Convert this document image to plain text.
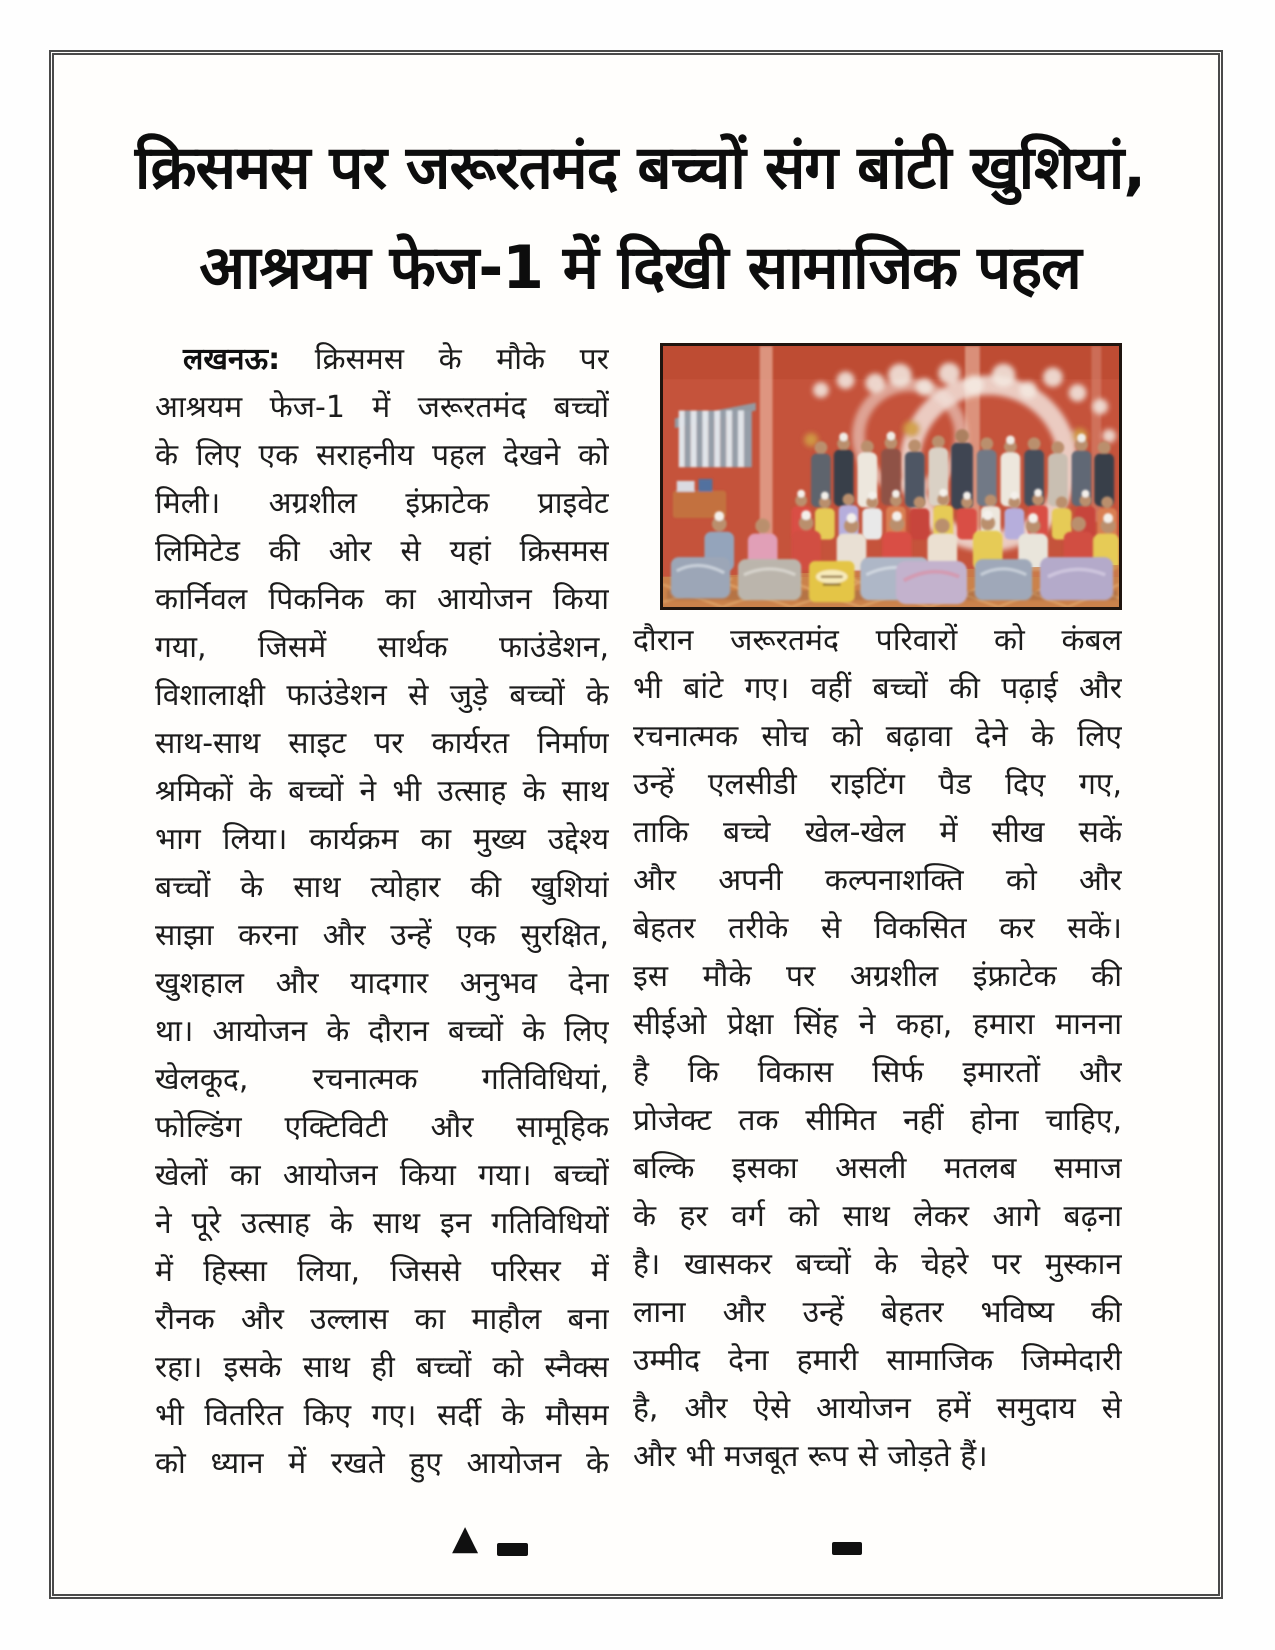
क्रिसमस पर जरूरतमंद बच्चों संग बांटी खुशियां,
आश्रयम फेज-1 में दिखी सामाजिक पहल
लखनऊ: क्रिसमस के मौके पर
आश्रयम फेज-1 में जरूरतमंद बच्चों
के लिए एक सराहनीय पहल देखने को
मिली। अग्रशील इंफ्राटेक प्राइवेट
लिमिटेड की ओर से यहां क्रिसमस
कार्निवल पिकनिक का आयोजन किया
गया, जिसमें सार्थक फाउंडेशन,
विशालाक्षी फाउंडेशन से जुड़े बच्चों के
साथ-साथ साइट पर कार्यरत निर्माण
श्रमिकों के बच्चों ने भी उत्साह के साथ
भाग लिया। कार्यक्रम का मुख्य उद्देश्य
बच्चों के साथ त्योहार की खुशियां
साझा करना और उन्हें एक सुरक्षित,
खुशहाल और यादगार अनुभव देना
था। आयोजन के दौरान बच्चों के लिए
खेलकूद, रचनात्मक गतिविधियां,
फोल्डिंग एक्टिविटी और सामूहिक
खेलों का आयोजन किया गया। बच्चों
ने पूरे उत्साह के साथ इन गतिविधियों
में हिस्सा लिया, जिससे परिसर में
रौनक और उल्लास का माहौल बना
रहा। इसके साथ ही बच्चों को स्नैक्स
भी वितरित किए गए। सर्दी के मौसम
को ध्यान में रखते हुए आयोजन के
दौरान जरूरतमंद परिवारों को कंबल
भी बांटे गए। वहीं बच्चों की पढ़ाई और
रचनात्मक सोच को बढ़ावा देने के लिए
उन्हें एलसीडी राइटिंग पैड दिए गए,
ताकि बच्चे खेल-खेल में सीख सकें
और अपनी कल्पनाशक्ति को और
बेहतर तरीके से विकसित कर सकें।
इस मौके पर अग्रशील इंफ्राटेक की
सीईओ प्रेक्षा सिंह ने कहा, हमारा मानना
है कि विकास सिर्फ इमारतों और
प्रोजेक्ट तक सीमित नहीं होना चाहिए,
बल्कि इसका असली मतलब समाज
के हर वर्ग को साथ लेकर आगे बढ़ना
है। खासकर बच्चों के चेहरे पर मुस्कान
लाना और उन्हें बेहतर भविष्य की
उम्मीद देना हमारी सामाजिक जिम्मेदारी
है, और ऐसे आयोजन हमें समुदाय से
और भी मजबूत रूप से जोड़ते हैं।
▲
